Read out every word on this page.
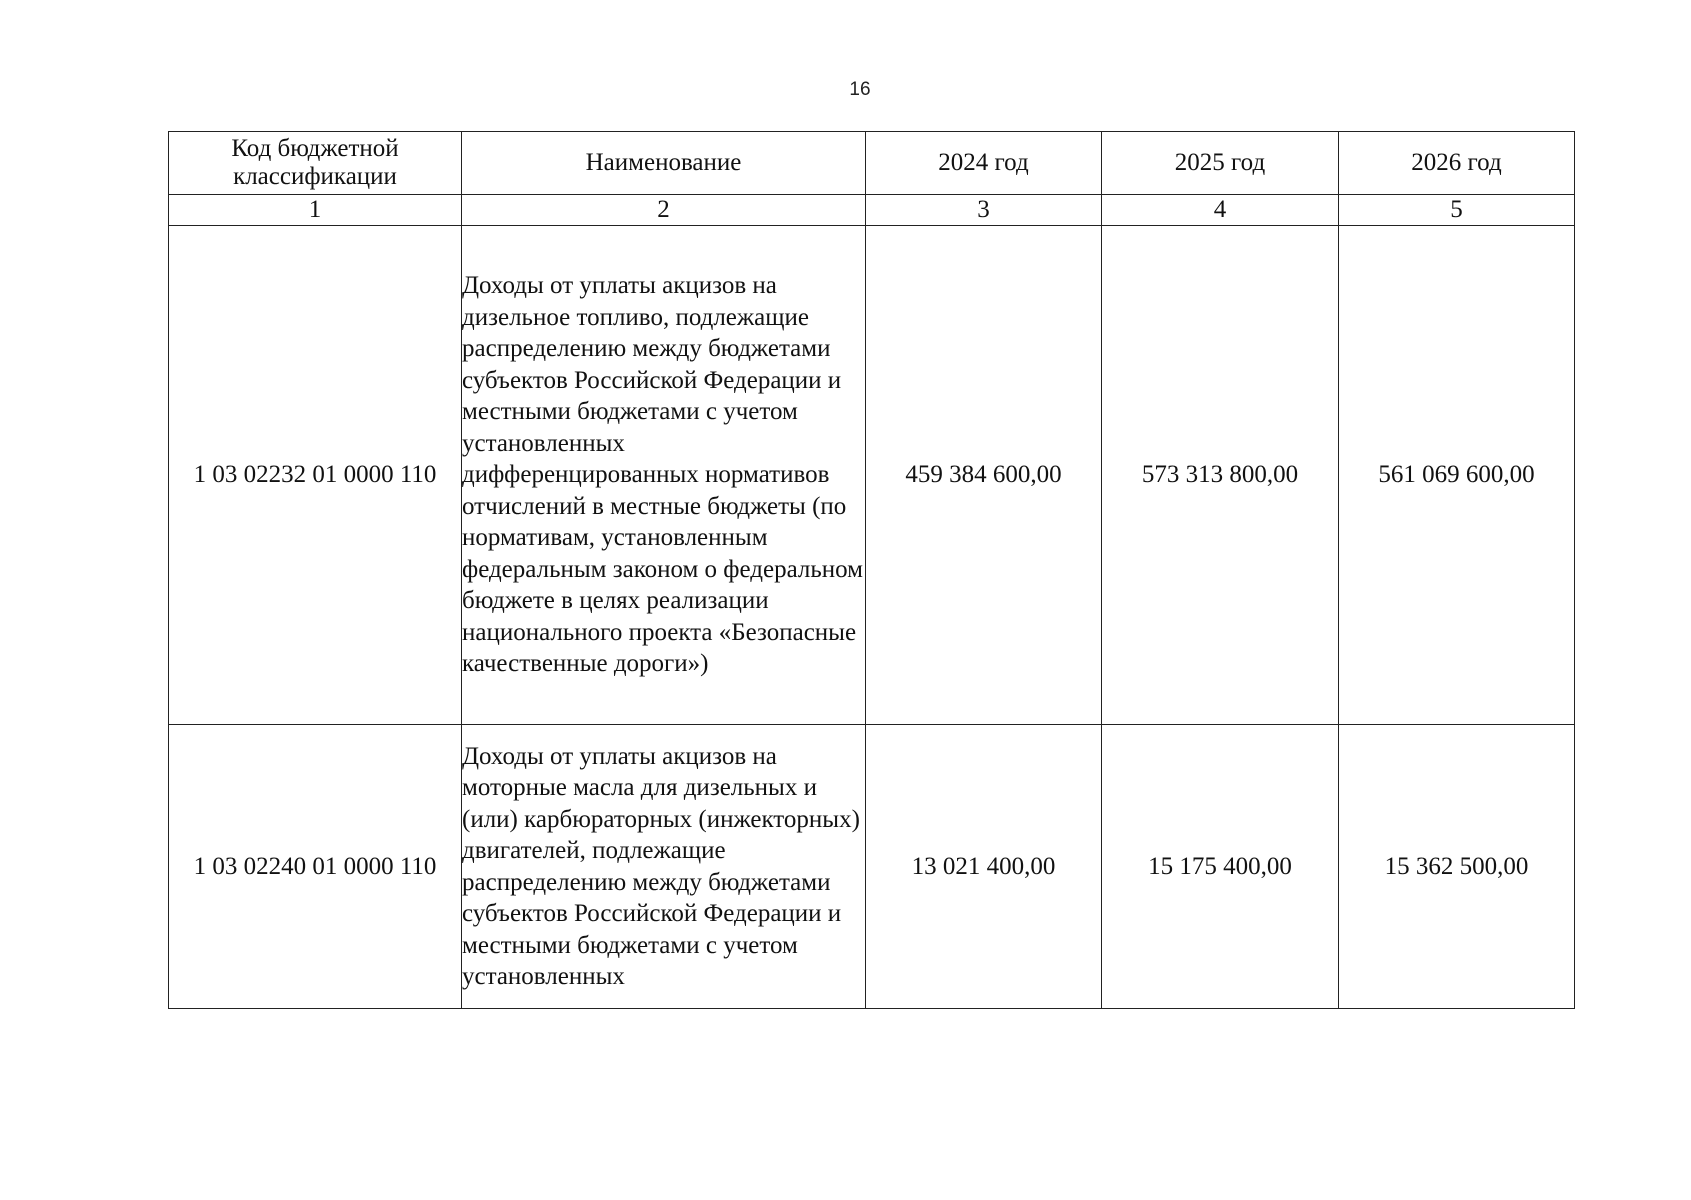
16
Код бюджетной классификации	Наименование	2024 год	2025 год	2026 год
1	2	3	4	5
1 03 02232 01 0000 110	Доходы от уплаты акцизов на дизельное топливо, подлежащие распределению между бюджетами субъектов Российской Федерации и местными бюджетами с учетом установленных дифференцированных нормативов отчислений в местные бюджеты (по нормативам, установленным федеральным законом о федеральном бюджете в целях реализации национального проекта «Безопасные качественные дороги»)	459 384 600,00	573 313 800,00	561 069 600,00
1 03 02240 01 0000 110	Доходы от уплаты акцизов на моторные масла для дизельных и (или) карбюраторных (инжекторных) двигателей, подлежащие распределению между бюджетами субъектов Российской Федерации и местными бюджетами с учетом установленных	13 021 400,00	15 175 400,00	15 362 500,00
